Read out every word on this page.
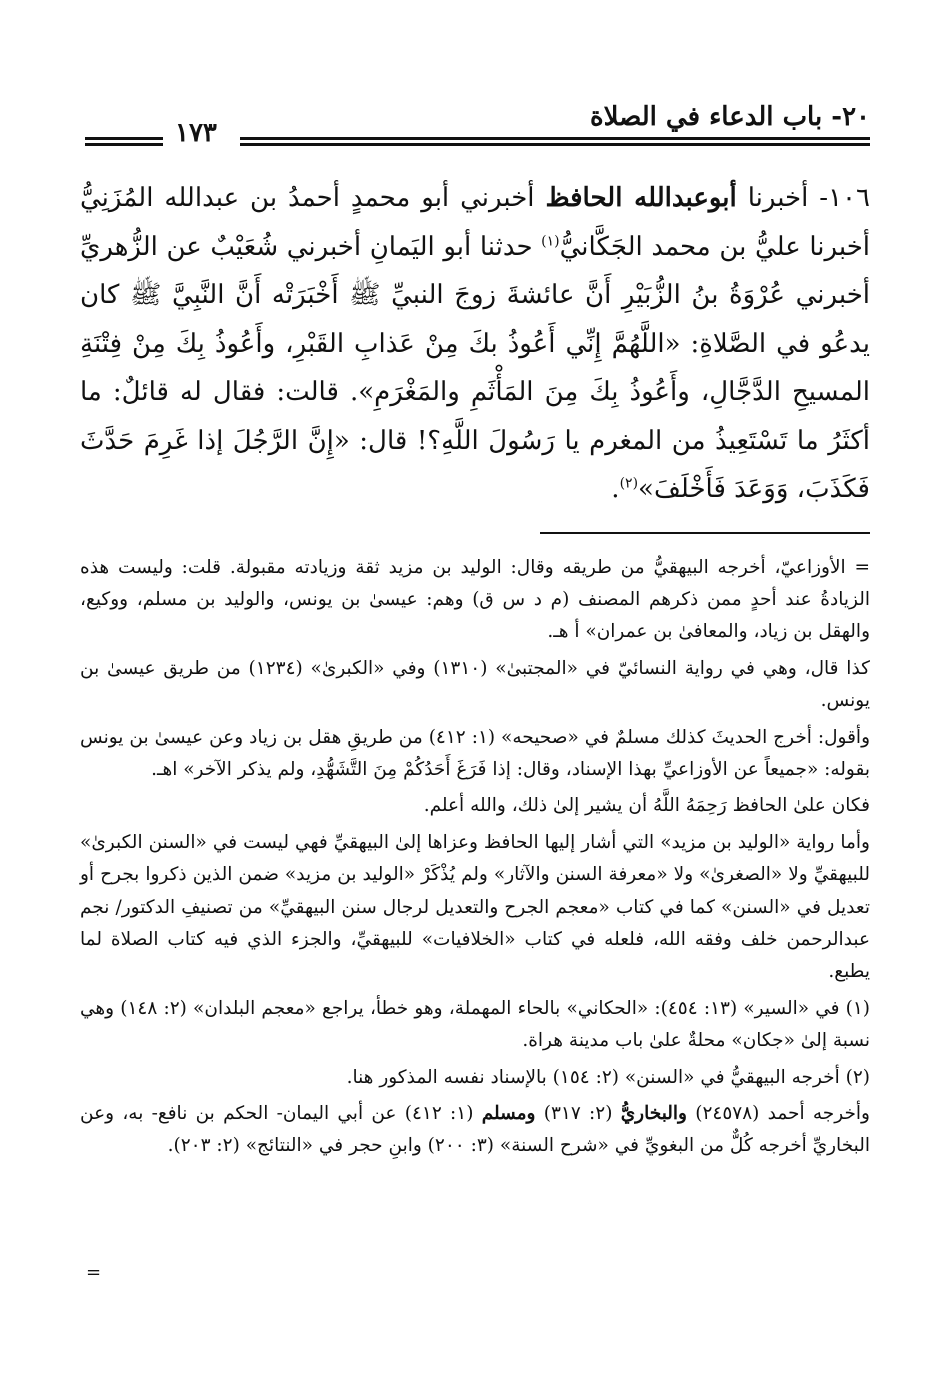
٢٠- باب الدعاء في الصلاة
١٧٣
١٠٦- أخبرنا أبوعبدالله الحافظ أخبرني أبو محمدٍ أحمدُ بن عبدالله المُزَنِيُّ أخبرنا عليُّ بن محمد الجَكَّانيُّ$^{(١)}$ حدثنا أبو اليَمانِ أخبرني شُعَيْبٌ عن الزُّهريِّ أخبرني عُرْوَةُ بنُ الزُّبَيْرِ أَنَّ عائشةَ زوجَ النبيِّ ﷺ أَخْبَرَتْه أَنَّ النَّبِيَّ ﷺ كان يدعُو في الصَّلاةِ: «اللَّهُمَّ إِنِّي أَعُوذُ بكَ مِنْ عَذابِ القَبْرِ، وأَعُوذُ بِكَ مِنْ فِتْنَةِ المسيحِ الدَّجَّالِ، وأَعُوذُ بِكَ مِنَ المَأْثَمِ والمَغْرَمِ». قالت: فقال له قائلٌ: ما أكثَرُ ما تَسْتَعِيذُ من المغرم يا رَسُولَ اللَّهِ؟! قال: «إِنَّ الرَّجُلَ إذا غَرِمَ حَدَّثَ فَكَذَبَ، وَوَعَدَ فَأَخْلَفَ»$^{(٢)}$.

= الأوزاعيّ، أخرجه البيهقيُّ من طريقه وقال: الوليد بن مزيد ثقة وزيادته مقبولة. قلت: وليست هذه الزيادةُ عند أحدٍ ممن ذكرهم المصنف (م د س ق) وهم: عيسىٰ بن يونس، والوليد بن مسلم، ووكيع، والهقل بن زياد، والمعافىٰ بن عمران» أ هـ.

كذا قال، وهي في رواية النسائيّ في «المجتبىٰ» (١٣١٠) وفي «الكبرىٰ» (١٢٣٤) من طريق عيسىٰ بن يونس.

وأقول: أخرج الحديثَ كذلك مسلمٌ في «صحيحه» (١: ٤١٢) من طريقِ هقل بن زياد وعن عيسىٰ بن يونس بقوله: «جميعاً عن الأوزاعيِّ بهذا الإسناد، وقال: إذا فَرَغَ أَحَدُكُمْ مِنَ التَّشَهُّدِ، ولم يذكر الآخر» اهـ.

فكان علىٰ الحافظ رَحِمَهُ اللَّهُ أن يشير إلىٰ ذلك، والله أعلم.

وأما رواية «الوليد بن مزيد» التي أشار إليها الحافظ وعزاها إلىٰ البيهقيِّ فهي ليست في «السنن الكبرىٰ» للبيهقيِّ ولا «الصغرىٰ» ولا «معرفة السنن والآثار» ولم يُذْكَرْ «الوليد بن مزيد» ضمن الذين ذكروا بجرح أو تعديل في «السنن» كما في كتاب «معجم الجرح والتعديل لرجال سنن البيهقيِّ» من تصنيفِ الدكتور/ نجم عبدالرحمن خلف وفقه الله، فلعله في كتاب «الخلافيات» للبيهقيِّ، والجزء الذي فيه كتاب الصلاة لما يطبع.

(١) في «السير» (١٣: ٤٥٤): «الحكاني» بالحاء المهملة، وهو خطأ، يراجع «معجم البلدان» (٢: ١٤٨) وهي نسبة إلىٰ «جكان» محلةٌ علىٰ باب مدينة هراة.

(٢) أخرجه البيهقيُّ في «السنن» (٢: ١٥٤) بالإسناد نفسه المذكور هنا.

وأخرجه أحمد (٢٤٥٧٨) والبخاريُّ (٢: ٣١٧) ومسلم (١: ٤١٢) عن أبي اليمان- الحكم بن نافع- به، وعن البخاريِّ أخرجه كُلٌّ من البغويِّ في «شرح السنة» (٣: ٢٠٠) وابنِ حجر في «النتائج» (٢: ٢٠٣).

=
